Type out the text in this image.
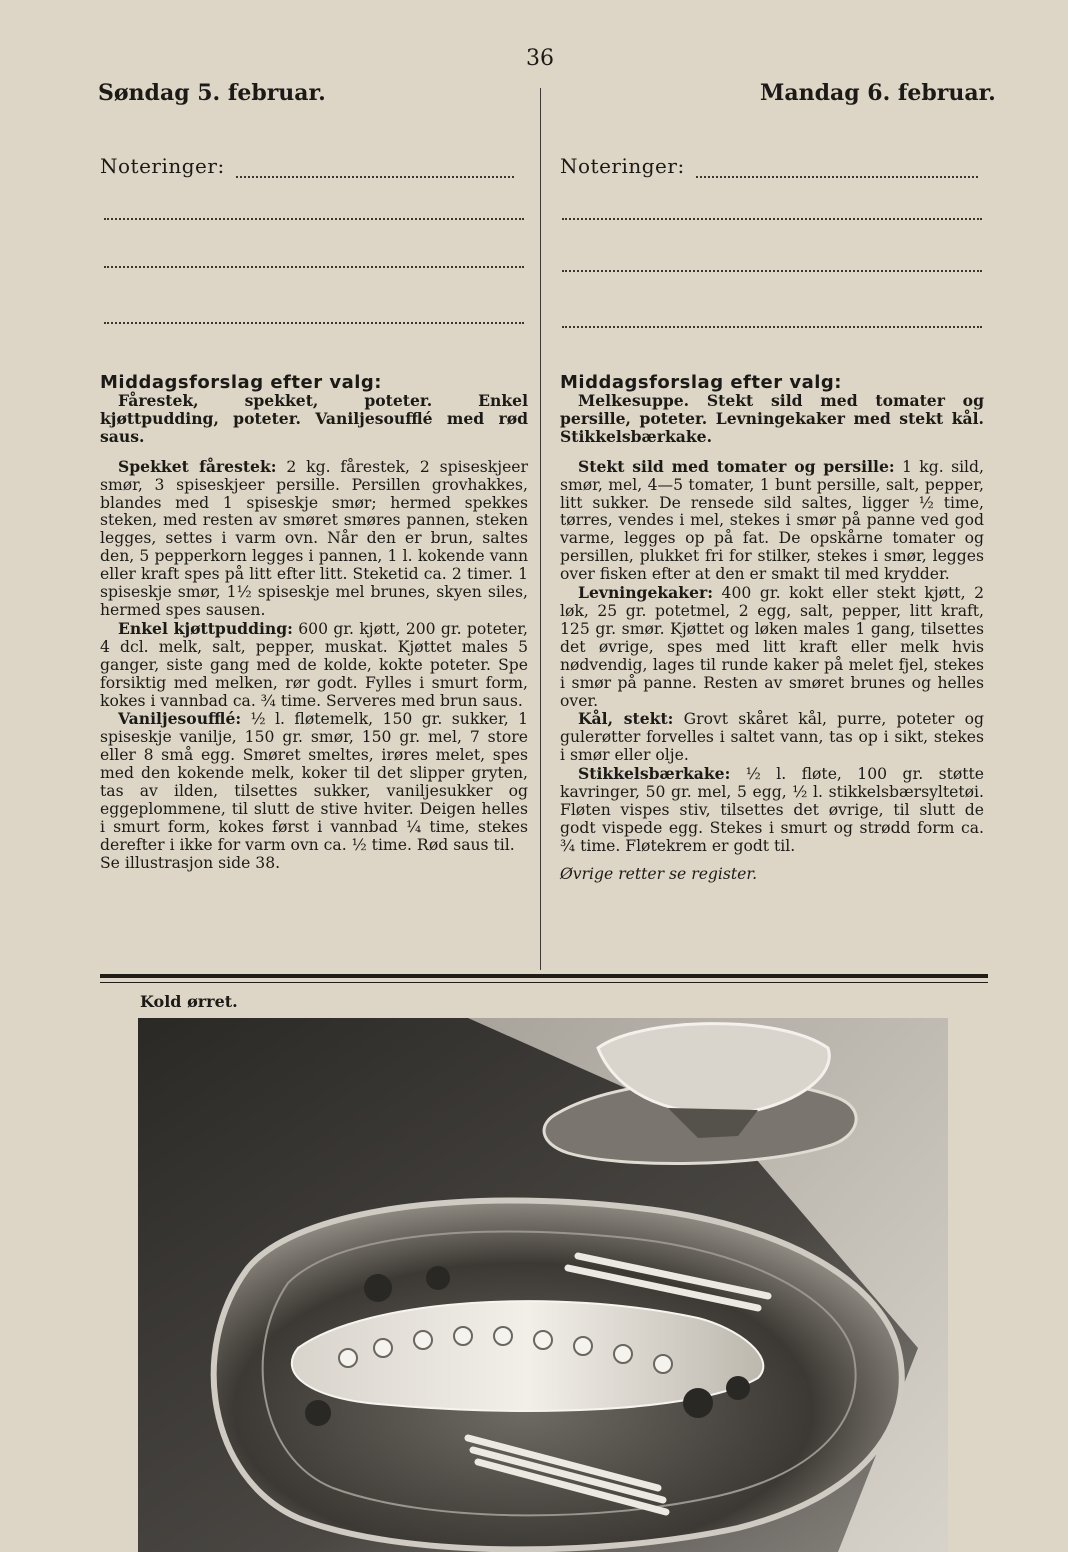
36
Søndag 5. februar.	Mandag 6. februar.
Noteringer:
Middagsforslag efter valg:

Fårestek, spekket, poteter. Enkel kjøttpudding, poteter. Vaniljesoufflé med rød saus.

Spekket fårestek: 2 kg. fårestek, 2 spiseskjeer smør, 3 spiseskjeer persille. Persillen grovhakkes, blandes med 1 spiseskje smør; hermed spekkes steken, med resten av smøret smøres pannen, steken legges, settes i varm ovn. Når den er brun, saltes den, 5 pepperkorn legges i pannen, 1 l. kokende vann eller kraft spes på litt efter litt. Steketid ca. 2 timer. 1 spiseskje smør, 1½ spiseskje mel brunes, skyen siles, hermed spes sausen.

Enkel kjøttpudding: 600 gr. kjøtt, 200 gr. poteter, 4 dcl. melk, salt, pepper, muskat. Kjøttet males 5 ganger, siste gang med de kolde, kokte poteter. Spe forsiktig med melken, rør godt. Fylles i smurt form, kokes i vannbad ca. ¾ time. Serveres med brun saus.

Vaniljesoufflé: ½ l. fløtemelk, 150 gr. sukker, 1 spiseskje vanilje, 150 gr. smør, 150 gr. mel, 7 store eller 8 små egg. Smøret smeltes, irøres melet, spes med den kokende melk, koker til det slipper gryten, tas av ilden, tilsettes sukker, vaniljesukker og eggeplommene, til slutt de stive hviter. Deigen helles i smurt form, kokes først i vannbad ¼ time, stekes derefter i ikke for varm ovn ca. ½ time. Rød saus til.

Se illustrasjon side 38.

Noteringer:
Middagsforslag efter valg:

Melkesuppe. Stekt sild med tomater og persille, poteter. Levningekaker med stekt kål. Stikkelsbærkake.

Stekt sild med tomater og persille: 1 kg. sild, smør, mel, 4—5 tomater, 1 bunt persille, salt, pepper, litt sukker. De rensede sild saltes, ligger ½ time, tørres, vendes i mel, stekes i smør på panne ved god varme, legges op på fat. De opskårne tomater og persillen, plukket fri for stilker, stekes i smør, legges over fisken efter at den er smakt til med krydder.

Levningekaker: 400 gr. kokt eller stekt kjøtt, 2 løk, 25 gr. potetmel, 2 egg, salt, pepper, litt kraft, 125 gr. smør. Kjøttet og løken males 1 gang, tilsettes det øvrige, spes med litt kraft eller melk hvis nødvendig, lages til runde kaker på melet fjel, stekes i smør på panne. Resten av smøret brunes og helles over.

Kål, stekt: Grovt skåret kål, purre, poteter og gulerøtter forvelles i saltet vann, tas op i sikt, stekes i smør eller olje.

Stikkelsbærkake: ½ l. fløte, 100 gr. støtte kavringer, 50 gr. mel, 5 egg, ½ l. stikkelsbærsyltetøi. Fløten vispes stiv, tilsettes det øvrige, til slutt de godt vispede egg. Stekes i smurt og strødd form ca. ¾ time. Fløtekrem er godt til.

Øvrige retter se register.

Kold ørret.
